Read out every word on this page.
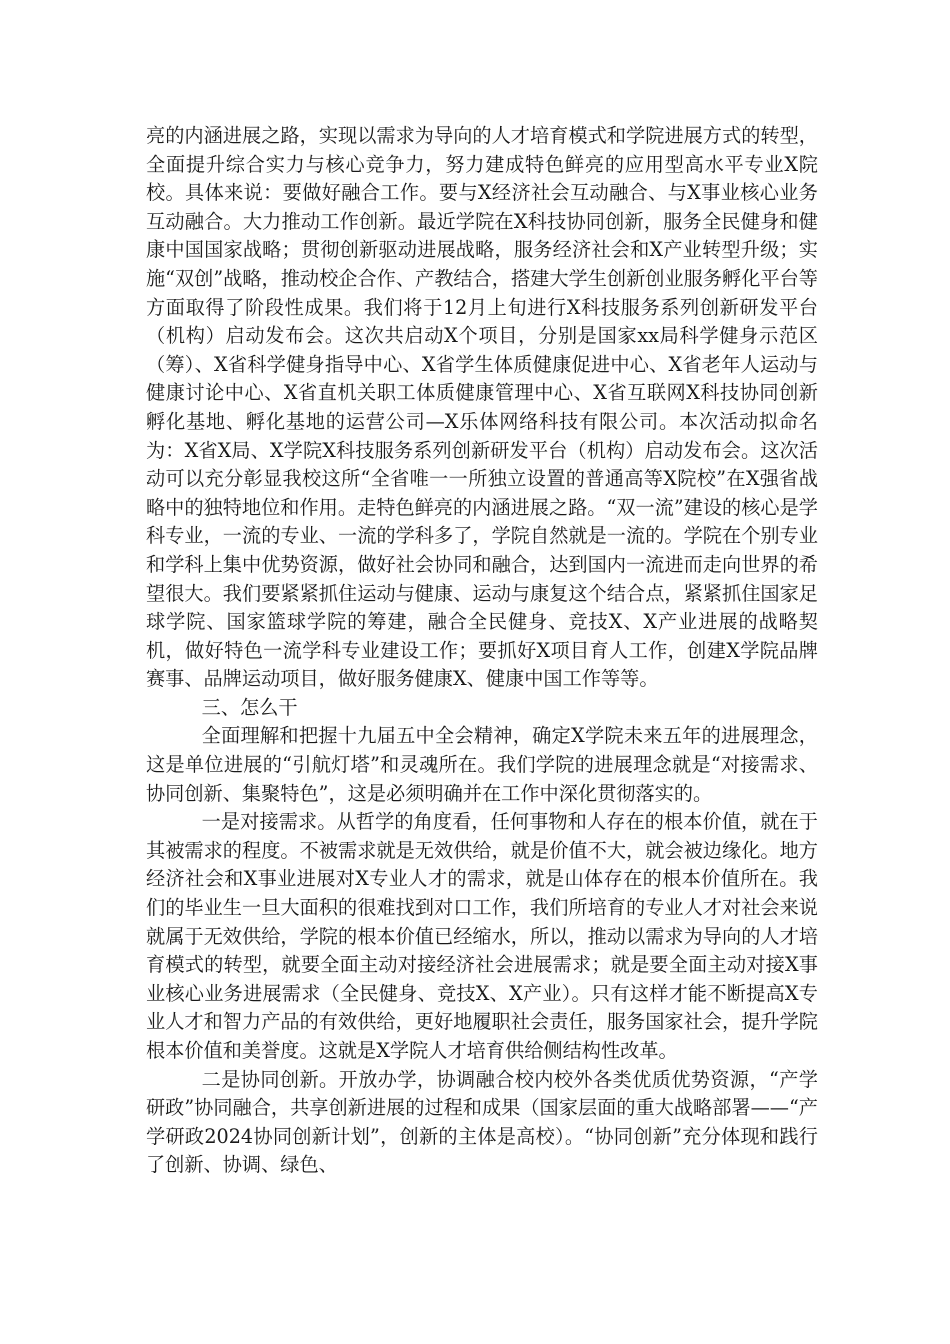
亮的内涵进展之路，实现以需求为导向的人才培育模式和学院进展方式的转型，全面提升综合实力与核心竞争力，努力建成特色鲜亮的应用型高水平专业X院校。具体来说：要做好融合工作。要与X经济社会互动融合、与X事业核心业务互动融合。大力推动工作创新。最近学院在X科技协同创新，服务全民健身和健康中国国家战略；贯彻创新驱动进展战略，服务经济社会和X产业转型升级；实施“双创”战略，推动校企合作、产教结合，搭建大学生创新创业服务孵化平台等方面取得了阶段性成果。我们将于12月上旬进行X科技服务系列创新研发平台（机构）启动发布会。这次共启动X个项目，分别是国家xx局科学健身示范区（筹）、X省科学健身指导中心、X省学生体质健康促进中心、X省老年人运动与健康讨论中心、X省直机关职工体质健康管理中心、X省互联网X科技协同创新孵化基地、孵化基地的运营公司—X乐体网络科技有限公司。本次活动拟命名为：X省X局、X学院X科技服务系列创新研发平台（机构）启动发布会。这次活动可以充分彰显我校这所“全省唯一一所独立设置的普通高等X院校”在X强省战略中的独特地位和作用。走特色鲜亮的内涵进展之路。“双一流”建设的核心是学科专业，一流的专业、一流的学科多了，学院自然就是一流的。学院在个别专业和学科上集中优势资源，做好社会协同和融合，达到国内一流进而走向世界的希望很大。我们要紧紧抓住运动与健康、运动与康复这个结合点，紧紧抓住国家足球学院、国家篮球学院的筹建，融合全民健身、竞技X、X产业进展的战略契机，做好特色一流学科专业建设工作；要抓好X项目育人工作，创建X学院品牌赛事、品牌运动项目，做好服务健康X、健康中国工作等等。

三、怎么干

全面理解和把握十九届五中全会精神，确定X学院未来五年的进展理念，这是单位进展的“引航灯塔”和灵魂所在。我们学院的进展理念就是“对接需求、协同创新、集聚特色”，这是必须明确并在工作中深化贯彻落实的。

一是对接需求。从哲学的角度看，任何事物和人存在的根本价值，就在于其被需求的程度。不被需求就是无效供给，就是价值不大，就会被边缘化。地方经济社会和X事业进展对X专业人才的需求，就是山体存在的根本价值所在。我们的毕业生一旦大面积的很难找到对口工作，我们所培育的专业人才对社会来说就属于无效供给，学院的根本价值已经缩水，所以，推动以需求为导向的人才培育模式的转型，就要全面主动对接经济社会进展需求；就是要全面主动对接X事业核心业务进展需求（全民健身、竞技X、X产业）。只有这样才能不断提高X专业人才和智力产品的有效供给，更好地履职社会责任，服务国家社会，提升学院根本价值和美誉度。这就是X学院人才培育供给侧结构性改革。

二是协同创新。开放办学，协调融合校内校外各类优质优势资源，“产学研政”协同融合，共享创新进展的过程和成果（国家层面的重大战略部署——“产学研政2024协同创新计划”，创新的主体是高校）。“协同创新”充分体现和践行了创新、协调、绿色、
